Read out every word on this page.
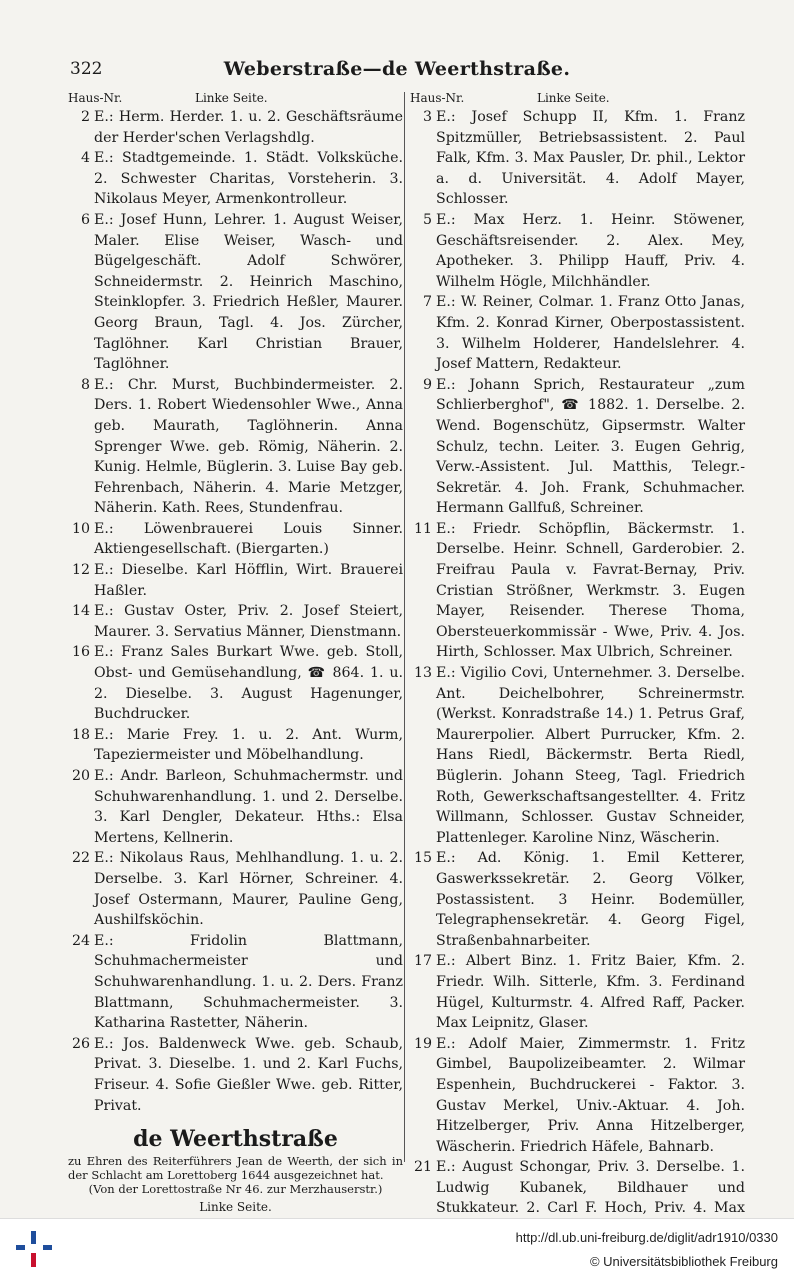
322	Weberstraße—de Weerthstraße.
Haus-Nr.	Linke Seite.
2 E.: Herm. Herder. 1. u. 2. Geschäftsräume der Herder'schen Verlagshdlg.
4 E.: Stadtgemeinde. 1. Städt. Volksküche. 2. Schwester Charitas, Vorsteherin. 3. Nikolaus Meyer, Armenkontrolleur.
6 E.: Josef Hunn, Lehrer. 1. August Weiser, Maler. Elise Weiser, Wasch- und Bügelgeschäft. Adolf Schwörer, Schneidermstr. 2. Heinrich Maschino, Steinklopfer. 3. Friedrich Heßler, Maurer. Georg Braun, Tagl. 4. Jos. Zürcher, Taglöhner. Karl Christian Brauer, Taglöhner.
8 E.: Chr. Murst, Buchbindermeister. 2. Ders. 1. Robert Wiedensohler Wwe., Anna geb. Maurath, Taglöhnerin. Anna Sprenger Wwe. geb. Römig, Näherin. 2. Kunig. Helmle, Büglerin. 3. Luise Bay geb. Fehrenbach, Näherin. 4. Marie Metzger, Näherin. Kath. Rees, Stundenfrau.
10 E.: Löwenbrauerei Louis Sinner. Aktiengesellschaft. (Biergarten.)
12 E.: Dieselbe. Karl Höfflin, Wirt. Brauerei Haßler.
14 E.: Gustav Oster, Priv. 2. Josef Steiert, Maurer. 3. Servatius Männer, Dienstmann.
16 E.: Franz Sales Burkart Wwe. geb. Stoll, Obst- und Gemüsehandlung, ☎ 864. 1. u. 2. Dieselbe. 3. August Hagenunger, Buchdrucker.
18 E.: Marie Frey. 1. u. 2. Ant. Wurm, Tapeziermeister und Möbelhandlung.
20 E.: Andr. Barleon, Schuhmachermstr. und Schuhwarenhandlung. 1. und 2. Derselbe. 3. Karl Dengler, Dekateur. Hths.: Elsa Mertens, Kellnerin.
22 E.: Nikolaus Raus, Mehlhandlung. 1. u. 2. Derselbe. 3. Karl Hörner, Schreiner. 4. Josef Ostermann, Maurer, Pauline Geng, Aushilfsköchin.
24 E.: Fridolin Blattmann, Schuhmachermeister und Schuhwarenhandlung. 1. u. 2. Ders. Franz Blattmann, Schuhmachermeister. 3. Katharina Rastetter, Näherin.
26 E.: Jos. Baldenweck Wwe. geb. Schaub, Privat. 3. Dieselbe. 1. und 2. Karl Fuchs, Friseur. 4. Sofie Gießler Wwe. geb. Ritter, Privat.
de Weerthstraße
zu Ehren des Reiterführers Jean de Weerth, der sich in der Schlacht am Lorettoberg 1644 ausgezeichnet hat.
(Von der Lorettostraße Nr 46. zur Merzhauserstr.)
Linke Seite.
Haus-Nr.	Linke Seite.
3 E.: Josef Schupp II, Kfm. 1. Franz Spitzmüller, Betriebsassistent. 2. Paul Falk, Kfm. 3. Max Pausler, Dr. phil., Lektor a. d. Universität. 4. Adolf Mayer, Schlosser.
5 E.: Max Herz. 1. Heinr. Stöwener, Geschäftsreisender. 2. Alex. Mey, Apotheker. 3. Philipp Hauff, Priv. 4. Wilhelm Högle, Milchhändler.
7 E.: W. Reiner, Colmar. 1. Franz Otto Janas, Kfm. 2. Konrad Kirner, Oberpostassistent. 3. Wilhelm Holderer, Handelslehrer. 4. Josef Mattern, Redakteur.
9 E.: Johann Sprich, Restaurateur „zum Schlierberghof", ☎ 1882. 1. Derselbe. 2. Wend. Bogenschütz, Gipsermstr. Walter Schulz, techn. Leiter. 3. Eugen Gehrig, Verw.-Assistent. Jul. Matthis, Telegr.-Sekretär. 4. Joh. Frank, Schuhmacher. Hermann Gallfuß, Schreiner.
11 E.: Friedr. Schöpflin, Bäckermstr. 1. Derselbe. Heinr. Schnell, Garderobier. 2. Freifrau Paula v. Favrat-Bernay, Priv. Cristian Strößner, Werkmstr. 3. Eugen Mayer, Reisender. Therese Thoma, Obersteuerkommissär - Wwe, Priv. 4. Jos. Hirth, Schlosser. Max Ulbrich, Schreiner.
13 E.: Vigilio Covi, Unternehmer. 3. Derselbe. Ant. Deichelbohrer, Schreinermstr. (Werkst. Konradstraße 14.) 1. Petrus Graf, Maurerpolier. Albert Purrucker, Kfm. 2. Hans Riedl, Bäckermstr. Berta Riedl, Büglerin. Johann Steeg, Tagl. Friedrich Roth, Gewerkschaftsangestellter. 4. Fritz Willmann, Schlosser. Gustav Schneider, Plattenleger. Karoline Ninz, Wäscherin.
15 E.: Ad. König. 1. Emil Ketterer, Gaswerkssekretär. 2. Georg Völker, Postassistent. 3 Heinr. Bodemüller, Telegraphensekretär. 4. Georg Figel, Straßenbahnarbeiter.
17 E.: Albert Binz. 1. Fritz Baier, Kfm. 2. Friedr. Wilh. Sitterle, Kfm. 3. Ferdinand Hügel, Kulturmstr. 4. Alfred Raff, Packer. Max Leipnitz, Glaser.
19 E.: Adolf Maier, Zimmermstr. 1. Fritz Gimbel, Baupolizeibeamter. 2. Wilmar Espenhein, Buchdruckerei - Faktor. 3. Gustav Merkel, Univ.-Aktuar. 4. Joh. Hitzelberger, Priv. Anna Hitzelberger, Wäscherin. Friedrich Häfele, Bahnarb.
21 E.: August Schongar, Priv. 3. Derselbe. 1. Ludwig Kubanek, Bildhauer und Stukkateur. 2. Carl F. Hoch, Priv. 4. Max
http://dl.ub.uni-freiburg.de/diglit/adr1910/0330
© Universitätsbibliothek Freiburg
